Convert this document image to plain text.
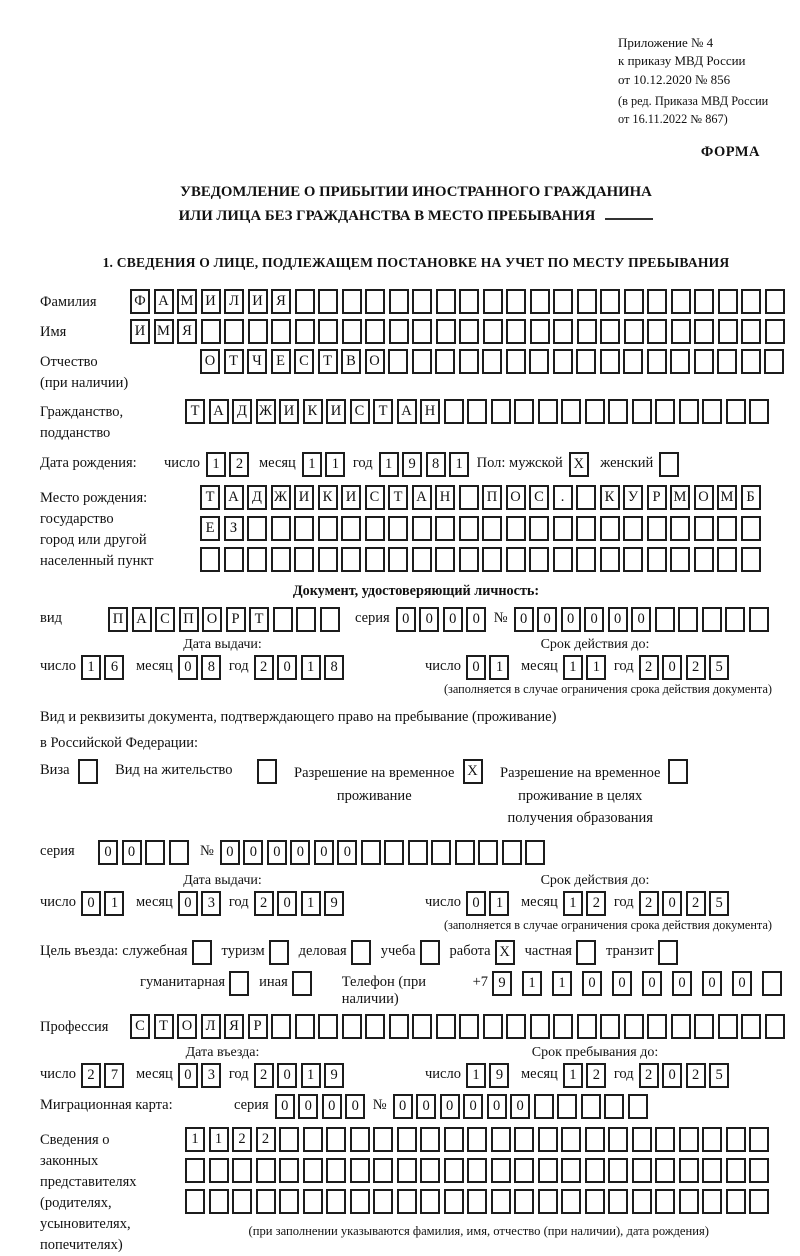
Приложение № 4
к приказу МВД России
от 10.12.2020 № 856
(в ред. Приказа МВД России
от 16.11.2022 № 867)
ФОРМА
УВЕДОМЛЕНИЕ О ПРИБЫТИИ ИНОСТРАННОГО ГРАЖДАНИНА
ИЛИ ЛИЦА БЕЗ ГРАЖДАНСТВА В МЕСТО ПРЕБЫВАНИЯ
1. СВЕДЕНИЯ О ЛИЦЕ, ПОДЛЕЖАЩЕМ ПОСТАНОВКЕ НА УЧЕТ ПО МЕСТУ ПРЕБЫВАНИЯ
Фамилия	Ф А М И Л И Я
Имя	И М Я
Отчество
(при наличии)
О Т Ч Е С Т В О
Гражданство,
подданство
Т А Д Ж И К И С Т А Н
Дата рождения:	число 1 2	месяц 1 1 год 1 9 8 1 Пол: мужской X	женский
Место рождения:
государство
город или другой
населенный пункт
Т А Д Ж И К И С Т А Н	П О С .	К У Р М О М Б
Е З
Документ, удостоверяющий личность:
вид	П А С П О Р Т	серия 0 0 0 0 № 0 0 0 0 0 0
Дата выдачи:
число 1 6	месяц 0 8 год 2 0 1 8
Срок действия до:
число 0 1	месяц 1 1 год 2 0 2 5
(заполняется в случае ограничения срока действия документа)
Вид и реквизиты документа, подтверждающего право на пребывание (проживание)
в Российской Федерации:
Виза	Вид на жительство	Разрешение на временное
проживание
X	Разрешение на временное
проживание в целях
получения образования
серия	0 0	№ 0 0 0 0 0 0
Дата выдачи:
число 0 1	месяц 0 3 год 2 0 1 9
Срок действия до:
число 0 1	месяц 1 2 год 2 0 2 5
(заполняется в случае ограничения срока действия документа)
Цель въезда: служебная туризм деловая учеба работа X	частная транзит
гуманитарная иная	Телефон (при наличии)
+7 9 1 1 0 0 0 0 0 0
Профессия	С Т О Л Я Р
Дата въезда:
число 2 7	месяц 0 3 год 2 0 1 9
Срок пребывания до:
число 1 9	месяц 1 2 год 2 0 2 5
Миграционная карта:	серия 0 0 0 0 № 0 0 0 0 0 0
Сведения о
законных
представителях
(родителях,
усыновителях,
попечителях)
1 1 2 2
(при заполнении указываются фамилия, имя, отчество (при наличии), дата рождения)
